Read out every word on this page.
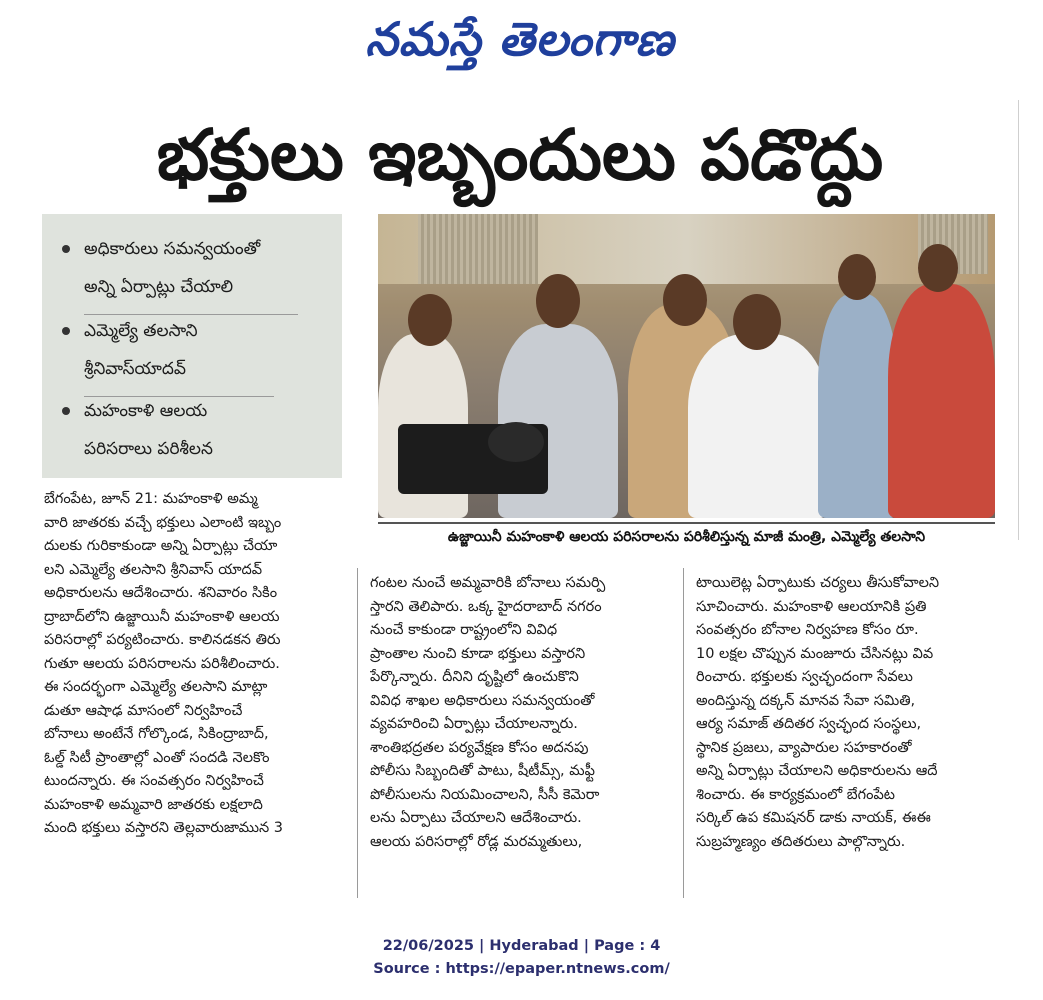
నమస్తే తెలంగాణ
భక్తులు ఇబ్బందులు పడొద్దు
అధికారులు సమన్వయంతో
అన్ని ఏర్పాట్లు చేయాలి
ఎమ్మెల్యే తలసాని
శ్రీనివాస్‌యాదవ్
మహంకాళి ఆలయ
పరిసరాలు పరిశీలన
ఉజ్జాయినీ మహంకాళి ఆలయ పరిసరాలను పరిశీలిస్తున్న మాజీ మంత్రి, ఎమ్మెల్యే తలసాని
బేగంపేట, జూన్ 21: మహంకాళి అమ్మ
వారి జాతరకు వచ్చే భక్తులు ఎలాంటి ఇబ్బం
దులకు గురికాకుండా అన్ని ఏర్పాట్లు చేయా
లని ఎమ్మెల్యే తలసాని శ్రీనివాస్ యాదవ్
అధికారులను ఆదేశించారు. శనివారం సికిం
ద్రాబాద్‌లోని ఉజ్జాయినీ మహంకాళి ఆలయ
పరిసరాల్లో పర్యటించారు. కాలినడకన తిరు
గుతూ ఆలయ పరిసరాలను పరిశీలించారు.
ఈ సందర్భంగా ఎమ్మెల్యే తలసాని మాట్లా
డుతూ ఆషాఢ మాసంలో నిర్వహించే
బోనాలు అంటేనే గోల్కొండ, సికింద్రాబాద్,
ఓల్డ్ సిటీ ప్రాంతాల్లో ఎంతో సందడి నెలకొం
టుందన్నారు. ఈ సంవత్సరం నిర్వహించే
మహంకాళి అమ్మవారి జాతరకు లక్షలాది
మంది భక్తులు వస్తారని తెల్లవారుజామున 3
గంటల నుంచే అమ్మవారికి బోనాలు సమర్పి
స్తారని తెలిపారు. ఒక్క హైదరాబాద్ నగరం
నుంచే కాకుండా రాష్ట్రంలోని వివిధ
ప్రాంతాల నుంచి కూడా భక్తులు వస్తారని
పేర్కొన్నారు. దీనిని దృష్టిలో ఉంచుకొని
వివిధ శాఖల అధికారులు సమన్వయంతో
వ్యవహరించి ఏర్పాట్లు చేయాలన్నారు.
శాంతిభద్రతల పర్యవేక్షణ కోసం అదనపు
పోలీసు సిబ్బందితో పాటు, షీటీమ్స్, మఫ్టీ
పోలీసులను నియమించాలని, సీసీ కెమెరా
లను ఏర్పాటు చేయాలని ఆదేశించారు.
ఆలయ పరిసరాల్లో రోడ్ల మరమ్మతులు,
టాయిలెట్ల ఏర్పాటుకు చర్యలు తీసుకోవాలని
సూచించారు. మహంకాళి ఆలయానికి ప్రతి
సంవత్సరం బోనాల నిర్వహణ కోసం రూ.
10 లక్షల చొప్పున మంజూరు చేసినట్లు వివ
రించారు. భక్తులకు స్వచ్ఛందంగా సేవలు
అందిస్తున్న దక్కన్ మానవ సేవా సమితి,
ఆర్య సమాజ్ తదితర స్వచ్ఛంద సంస్థలు,
స్థానిక ప్రజలు, వ్యాపారుల సహకారంతో
అన్ని ఏర్పాట్లు చేయాలని అధికారులను ఆదే
శించారు. ఈ కార్యక్రమంలో బేగంపేట
సర్కిల్ ఉప కమిషనర్ డాకు నాయక్, ఈఈ
సుబ్రహ్మణ్యం తదితరులు పాల్గొన్నారు.
22/06/2025 | Hyderabad | Page : 4
Source : https://epaper.ntnews.com/
